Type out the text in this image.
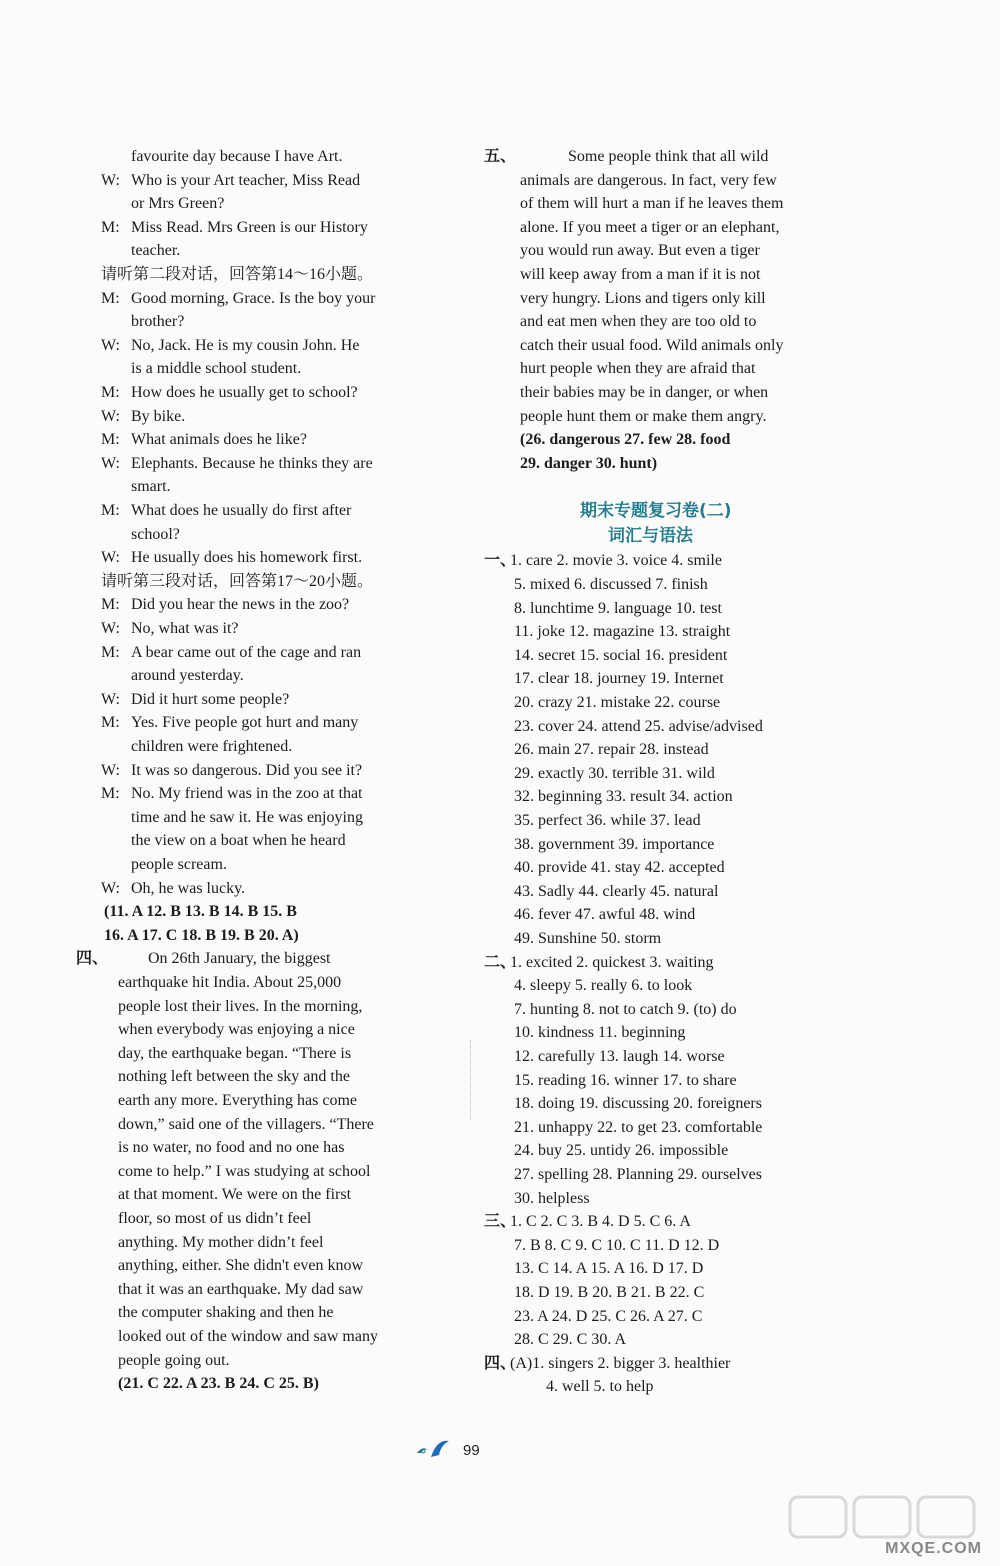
favourite day because I have Art.
W: Who is your Art teacher, Miss Read
or Mrs Green?
M: Miss Read. Mrs Green is our History
teacher.
请听第二段对话，回答第14～16小题。
M: Good morning, Grace. Is the boy your
brother?
W: No, Jack. He is my cousin John. He
is a middle school student.
M: How does he usually get to school?
W: By bike.
M: What animals does he like?
W: Elephants. Because he thinks they are
smart.
M: What does he usually do first after
school?
W: He usually does his homework first.
请听第三段对话，回答第17～20小题。
M: Did you hear the news in the zoo?
W: No, what was it?
M: A bear came out of the cage and ran
around yesterday.
W: Did it hurt some people?
M: Yes. Five people got hurt and many
children were frightened.
W: It was so dangerous. Did you see it?
M: No. My friend was in the zoo at that
time and he saw it. He was enjoying
the view on a boat when he heard
people scream.
W: Oh, he was lucky.
(11. A 12. B 13. B 14. B 15. B
16. A 17. C 18. B 19. B 20. A)
四、 On 26th January, the biggest
earthquake hit India. About 25,000
people lost their lives. In the morning,
when everybody was enjoying a nice
day, the earthquake began. “There is
nothing left between the sky and the
earth any more. Everything has come
down,” said one of the villagers. “There
is no water, no food and no one has
come to help.” I was studying at school
at that moment. We were on the first
floor, so most of us didn’t feel
anything. My mother didn’t feel
anything, either. She didn't even know
that it was an earthquake. My dad saw
the computer shaking and then he
looked out of the window and saw many
people going out.
(21. C 22. A 23. B 24. C 25. B)
五、	Some people think that all wild
animals are dangerous. In fact, very few
of them will hurt a man if he leaves them
alone. If you meet a tiger or an elephant,
you would run away. But even a tiger
will keep away from a man if it is not
very hungry. Lions and tigers only kill
and eat men when they are too old to
catch their usual food. Wild animals only
hurt people when they are afraid that
their babies may be in danger, or when
people hunt them or make them angry.
(26. dangerous 27. few 28. food
29. danger 30. hunt)
期末专题复习卷(二)
词汇与语法
一、
1. care 2. movie 3. voice 4. smile
5. mixed 6. discussed 7. finish
8. lunchtime 9. language 10. test
11. joke 12. magazine 13. straight
14. secret 15. social 16. president
17. clear 18. journey 19. Internet
20. crazy 21. mistake 22. course
23. cover 24. attend 25. advise/advised
26. main 27. repair 28. instead
29. exactly 30. terrible 31. wild
32. beginning 33. result 34. action
35. perfect 36. while 37. lead
38. government 39. importance
40. provide 41. stay 42. accepted
43. Sadly 44. clearly 45. natural
46. fever 47. awful 48. wind
49. Sunshine 50. storm
二、
1. excited 2. quickest 3. waiting
4. sleepy 5. really 6. to look
7. hunting 8. not to catch 9. (to) do
10. kindness 11. beginning
12. carefully 13. laugh 14. worse
15. reading 16. winner 17. to share
18. doing 19. discussing 20. foreigners
21. unhappy 22. to get 23. comfortable
24. buy 25. untidy 26. impossible
27. spelling 28. Planning 29. ourselves
30. helpless
三、
1. C 2. C 3. B 4. D 5. C 6. A
7. B 8. C 9. C 10. C 11. D 12. D
13. C 14. A 15. A 16. D 17. D
18. D 19. B 20. B 21. B 22. C
23. A 24. D 25. C 26. A 27. C
28. C 29. C 30. A
四、
(A)1. singers 2. bigger 3. healthier
4. well 5. to help
99
MXQE.COM
